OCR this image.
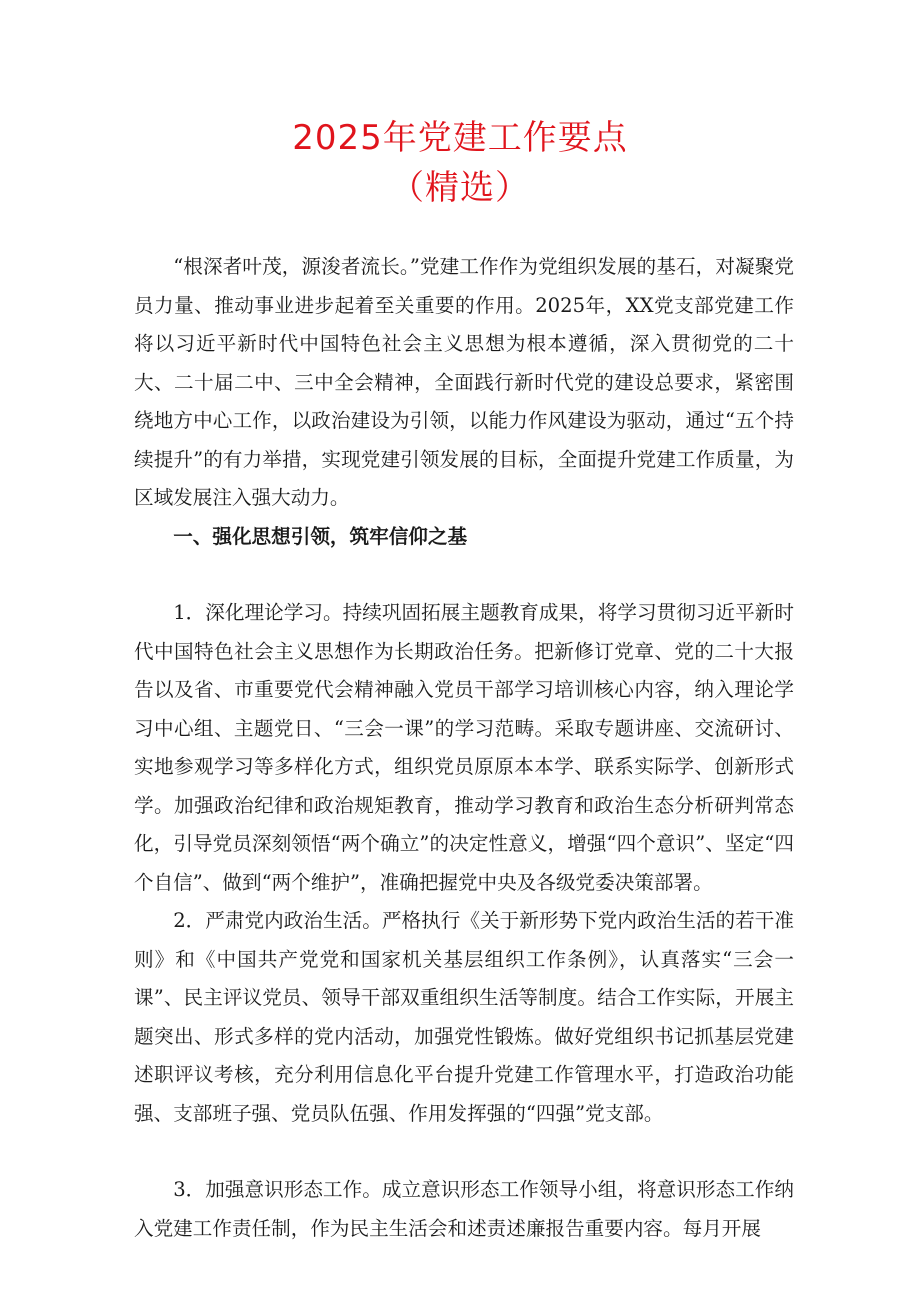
2025年党建工作要点
（精选）

“根深者叶茂，源浚者流长。”党建工作作为党组织发展的基石，对凝聚党员力量、推动事业进步起着至关重要的作用。2025年，XX党支部党建工作将以习近平新时代中国特色社会主义思想为根本遵循，深入贯彻党的二十大、二十届二中、三中全会精神，全面践行新时代党的建设总要求，紧密围绕地方中心工作，以政治建设为引领，以能力作风建设为驱动，通过“五个持续提升”的有力举措，实现党建引领发展的目标，全面提升党建工作质量，为区域发展注入强大动力。

一、强化思想引领，筑牢信仰之基

1．深化理论学习。持续巩固拓展主题教育成果，将学习贯彻习近平新时代中国特色社会主义思想作为长期政治任务。把新修订党章、党的二十大报告以及省、市重要党代会精神融入党员干部学习培训核心内容，纳入理论学习中心组、主题党日、“三会一课”的学习范畴。采取专题讲座、交流研讨、实地参观学习等多样化方式，组织党员原原本本学、联系实际学、创新形式学。加强政治纪律和政治规矩教育，推动学习教育和政治生态分析研判常态化，引导党员深刻领悟“两个确立”的决定性意义，增强“四个意识”、坚定“四个自信”、做到“两个维护”，准确把握党中央及各级党委决策部署。

2．严肃党内政治生活。严格执行《关于新形势下党内政治生活的若干准则》和《中国共产党党和国家机关基层组织工作条例》，认真落实“三会一课”、民主评议党员、领导干部双重组织生活等制度。结合工作实际，开展主题突出、形式多样的党内活动，加强党性锻炼。做好党组织书记抓基层党建述职评议考核，充分利用信息化平台提升党建工作管理水平，打造政治功能强、支部班子强、党员队伍强、作用发挥强的“四强”党支部。

3．加强意识形态工作。成立意识形态工作领导小组，将意识形态工作纳入党建工作责任制，作为民主生活会和述责述廉报告重要内容。每月开展
